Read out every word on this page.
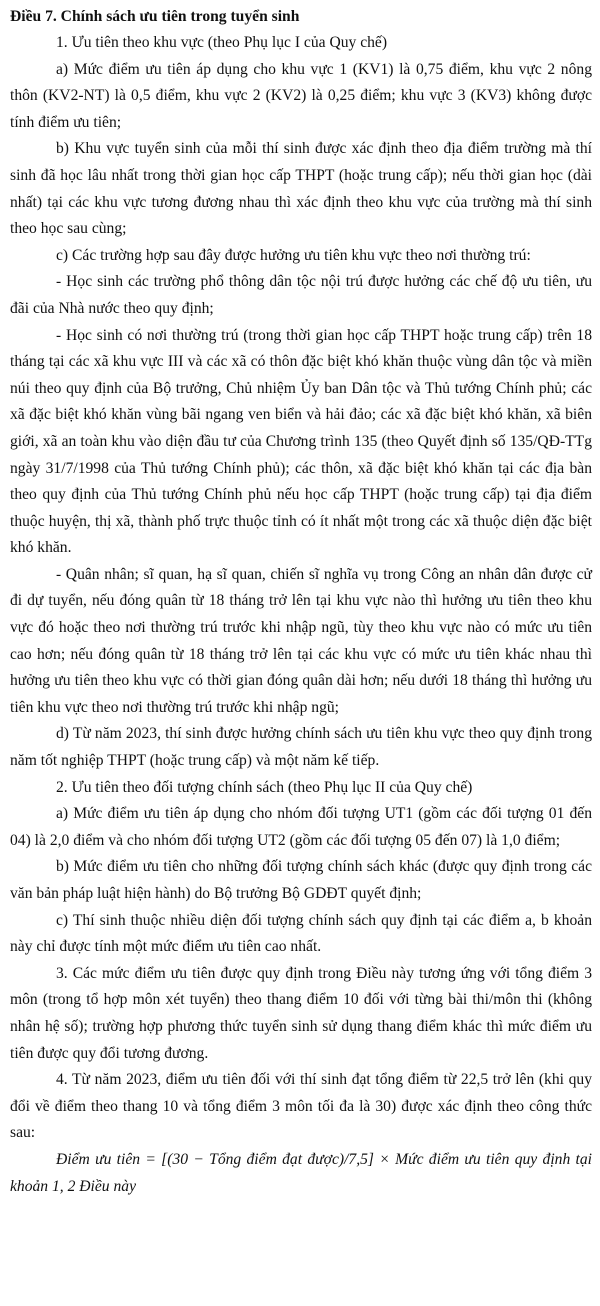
Điều 7. Chính sách ưu tiên trong tuyển sinh

1. Ưu tiên theo khu vực (theo Phụ lục I của Quy chế)

a) Mức điểm ưu tiên áp dụng cho khu vực 1 (KV1) là 0,75 điểm, khu vực 2 nông thôn (KV2-NT) là 0,5 điểm, khu vực 2 (KV2) là 0,25 điểm; khu vực 3 (KV3) không được tính điểm ưu tiên;

b) Khu vực tuyển sinh của mỗi thí sinh được xác định theo địa điểm trường mà thí sinh đã học lâu nhất trong thời gian học cấp THPT (hoặc trung cấp); nếu thời gian học (dài nhất) tại các khu vực tương đương nhau thì xác định theo khu vực của trường mà thí sinh theo học sau cùng;

c) Các trường hợp sau đây được hưởng ưu tiên khu vực theo nơi thường trú:

- Học sinh các trường phổ thông dân tộc nội trú được hưởng các chế độ ưu tiên, ưu đãi của Nhà nước theo quy định;

- Học sinh có nơi thường trú (trong thời gian học cấp THPT hoặc trung cấp) trên 18 tháng tại các xã khu vực III và các xã có thôn đặc biệt khó khăn thuộc vùng dân tộc và miền núi theo quy định của Bộ trưởng, Chủ nhiệm Ủy ban Dân tộc và Thủ tướng Chính phủ; các xã đặc biệt khó khăn vùng bãi ngang ven biển và hải đảo; các xã đặc biệt khó khăn, xã biên giới, xã an toàn khu vào diện đầu tư của Chương trình 135 (theo Quyết định số 135/QĐ-TTg ngày 31/7/1998 của Thủ tướng Chính phủ); các thôn, xã đặc biệt khó khăn tại các địa bàn theo quy định của Thủ tướng Chính phủ nếu học cấp THPT (hoặc trung cấp) tại địa điểm thuộc huyện, thị xã, thành phố trực thuộc tỉnh có ít nhất một trong các xã thuộc diện đặc biệt khó khăn.

- Quân nhân; sĩ quan, hạ sĩ quan, chiến sĩ nghĩa vụ trong Công an nhân dân được cử đi dự tuyển, nếu đóng quân từ 18 tháng trở lên tại khu vực nào thì hưởng ưu tiên theo khu vực đó hoặc theo nơi thường trú trước khi nhập ngũ, tùy theo khu vực nào có mức ưu tiên cao hơn; nếu đóng quân từ 18 tháng trở lên tại các khu vực có mức ưu tiên khác nhau thì hưởng ưu tiên theo khu vực có thời gian đóng quân dài hơn; nếu dưới 18 tháng thì hưởng ưu tiên khu vực theo nơi thường trú trước khi nhập ngũ;

d) Từ năm 2023, thí sinh được hưởng chính sách ưu tiên khu vực theo quy định trong năm tốt nghiệp THPT (hoặc trung cấp) và một năm kế tiếp.

2. Ưu tiên theo đối tượng chính sách (theo Phụ lục II của Quy chế)

a) Mức điểm ưu tiên áp dụng cho nhóm đối tượng UT1 (gồm các đối tượng 01 đến 04) là 2,0 điểm và cho nhóm đối tượng UT2 (gồm các đối tượng 05 đến 07) là 1,0 điểm;

b) Mức điểm ưu tiên cho những đối tượng chính sách khác (được quy định trong các văn bản pháp luật hiện hành) do Bộ trưởng Bộ GDĐT quyết định;

c) Thí sinh thuộc nhiều diện đối tượng chính sách quy định tại các điểm a, b khoản này chỉ được tính một mức điểm ưu tiên cao nhất.

3. Các mức điểm ưu tiên được quy định trong Điều này tương ứng với tổng điểm 3 môn (trong tổ hợp môn xét tuyển) theo thang điểm 10 đối với từng bài thi/môn thi (không nhân hệ số); trường hợp phương thức tuyển sinh sử dụng thang điểm khác thì mức điểm ưu tiên được quy đổi tương đương.

4. Từ năm 2023, điểm ưu tiên đối với thí sinh đạt tổng điểm từ 22,5 trở lên (khi quy đổi về điểm theo thang 10 và tổng điểm 3 môn tối đa là 30) được xác định theo công thức sau:

Điểm ưu tiên = [(30 − Tổng điểm đạt được)/7,5] × Mức điểm ưu tiên quy định tại khoản 1, 2 Điều này
